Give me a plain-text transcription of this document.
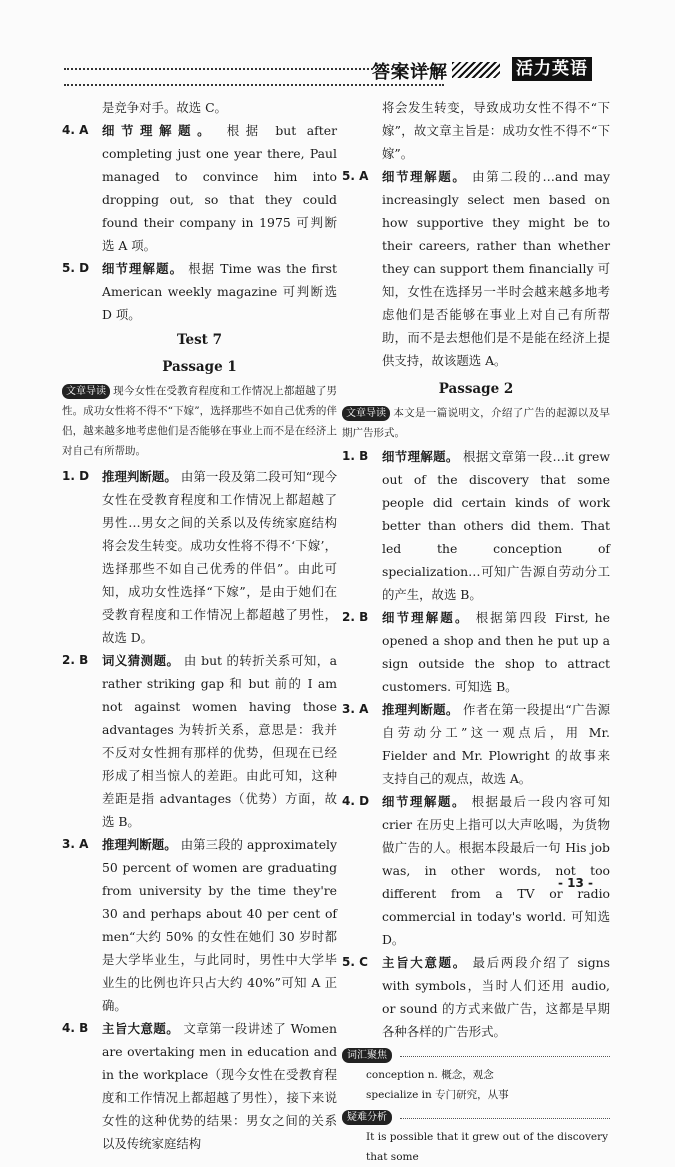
答案详解	活力英语
是竞争对手。故选 C。
4. A 细节理解题。 根据 but after completing just one year there, Paul managed to convince him into dropping out, so that they could found their company in 1975 可判断选 A 项。
5. D 细节理解题。 根据 Time was the first American weekly magazine 可判断选 D 项。
Test 7
Passage 1
文章导读 现今女性在受教育程度和工作情况上都超越了男性。成功女性将不得不“下嫁”，选择那些不如自己优秀的伴侣，越来越多地考虑他们是否能够在事业上而不是在经济上对自己有所帮助。
1. D 推理判断题。 由第一段及第二段可知“现今女性在受教育程度和工作情况上都超越了男性…男女之间的关系以及传统家庭结构将会发生转变。成功女性将不得不‘下嫁’，选择那些不如自己优秀的伴侣”。由此可知，成功女性选择“下嫁”，是由于她们在受教育程度和工作情况上都超越了男性，故选 D。
2. B 词义猜测题。 由 but 的转折关系可知，a rather striking gap 和 but 前的 I am not against women having those advantages 为转折关系，意思是：我并不反对女性拥有那样的优势，但现在已经形成了相当惊人的差距。由此可知，这种差距是指 advantages（优势）方面，故选 B。
3. A 推理判断题。 由第三段的 approximately 50 percent of women are graduating from university by the time they're 30 and perhaps about 40 per cent of men“大约 50% 的女性在她们 30 岁时都是大学毕业生，与此同时，男性中大学毕业生的比例也许只占大约 40%”可知 A 正确。
4. B 主旨大意题。 文章第一段讲述了 Women are overtaking men in education and in the workplace（现今女性在受教育程度和工作情况上都超越了男性），接下来说女性的这种优势的结果：男女之间的关系以及传统家庭结构
将会发生转变，导致成功女性不得不“下嫁”，故文章主旨是：成功女性不得不“下嫁”。
5. A 细节理解题。 由第二段的…and may increasingly select men based on how supportive they might be to their careers, rather than whether they can support them financially 可知，女性在选择另一半时会越来越多地考虑他们是否能够在事业上对自己有所帮助，而不是去想他们是不是能在经济上提供支持，故该题选 A。
Passage 2
文章导读 本文是一篇说明文，介绍了广告的起源以及早期广告形式。
1. B 细节理解题。 根据文章第一段…it grew out of the discovery that some people did certain kinds of work better than others did them. That led the conception of specialization…可知广告源自劳动分工的产生，故选 B。
2. B 细节理解题。 根据第四段 First, he opened a shop and then he put up a sign outside the shop to attract customers. 可知选 B。
3. A 推理判断题。 作者在第一段提出“广告源自劳动分工”这一观点后，用 Mr. Fielder and Mr. Plowright 的故事来支持自己的观点，故选 A。
4. D 细节理解题。 根据最后一段内容可知 crier 在历史上指可以大声吆喝，为货物做广告的人。根据本段最后一句 His job was, in other words, not too different from a TV or radio commercial in today's world. 可知选 D。
5. C 主旨大意题。 最后两段介绍了 signs with symbols，当时人们还用 audio, or sound 的方式来做广告，这都是早期各种各样的广告形式。
词汇聚焦
conception n. 概念，观念
specialize in 专门研究，从事
疑难分析
It is possible that it grew out of the discovery that some
- 13 -
